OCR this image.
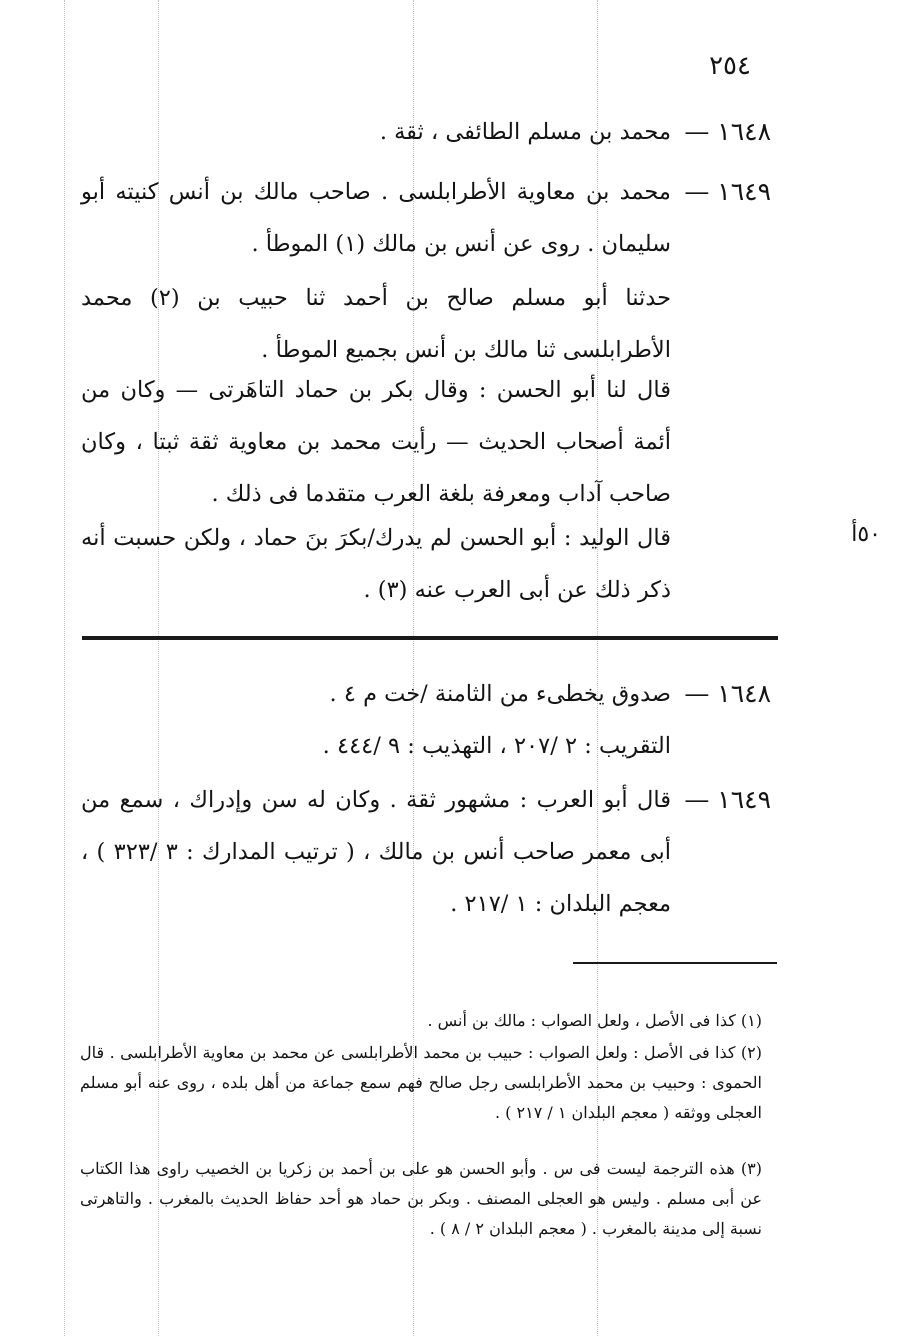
٢٥٤
١٦٤٨ —
محمد بن مسلم الطائفى ، ثقة .
١٦٤٩ —
محمد بن معاوية الأطرابلسى . صاحب مالك بن أنس كنيته أبو سليمان . روى عن أنس بن مالك (١) الموطأ .
حدثنا أبو مسلم صالح بن أحمد ثنا حبيب بن (٢) محمد الأطرابلسى ثنا مالك بن أنس بجميع الموطأ .
قال لنا أبو الحسن : وقال بكر بن حماد التاهَرتى — وكان من أئمة أصحاب الحديث — رأيت محمد بن معاوية ثقة ثبتا ، وكان صاحب آداب ومعرفة بلغة العرب متقدما فى ذلك .
قال الوليد : أبو الحسن لم يدرك/بكرَ بنَ حماد ، ولكن حسبت أنه ذكر ذلك عن أبى العرب عنه (٣) .
٥٠أ
١٦٤٨ —
صدوق يخطىء من الثامنة /خت م ٤ .
التقريب : ٢ /٢٠٧ ، التهذيب : ٩ /٤٤٤ .
١٦٤٩ —
قال أبو العرب : مشهور ثقة . وكان له سن وإدراك ، سمع من أبى معمر صاحب أنس بن مالك ، ( ترتيب المدارك : ٣ /٣٢٣ ) ، معجم البلدان : ١ /٢١٧ .
(١) كذا فى الأصل ، ولعل الصواب : مالك بن أنس .
(٢) كذا فى الأصل : ولعل الصواب : حبيب بن محمد الأطرابلسى عن محمد بن معاوية الأطرابلسى . قال الحموى : وحبيب بن محمد الأطرابلسى رجل صالح فهم سمع جماعة من أهل بلده ، روى عنه أبو مسلم العجلى ووثقه ( معجم البلدان ١ / ٢١٧ ) .
(٣) هذه الترجمة ليست فى س . وأبو الحسن هو على بن أحمد بن زكريا بن الخصيب راوى هذا الكتاب عن أبى مسلم . وليس هو العجلى المصنف . وبكر بن حماد هو أحد حفاظ الحديث بالمغرب . والتاهرتى نسبة إلى مدينة بالمغرب . ( معجم البلدان ٢ / ٨ ) .
